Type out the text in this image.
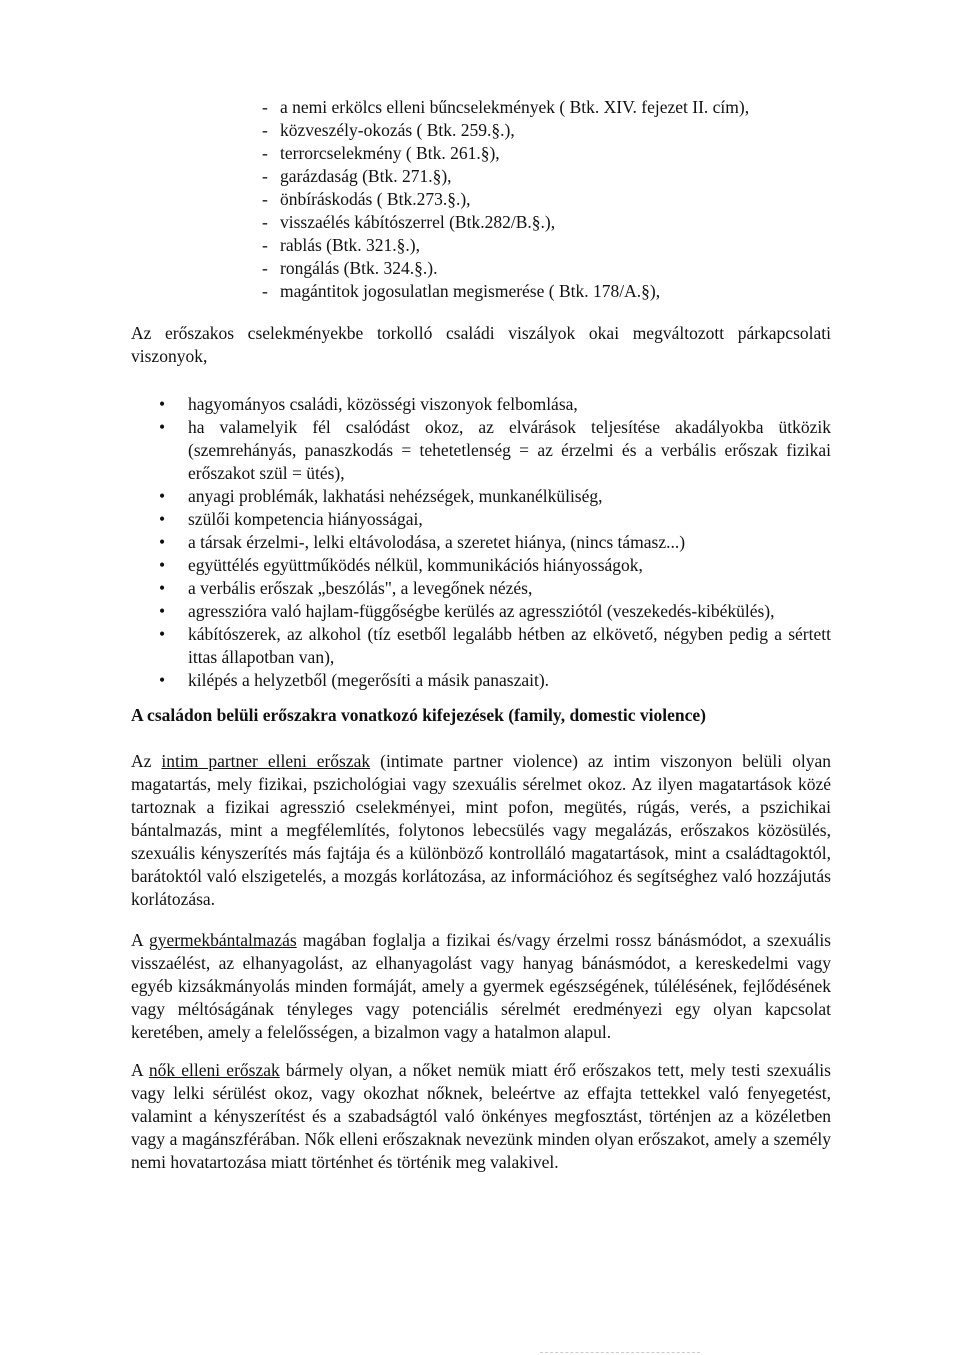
- a nemi erkölcs elleni bűncselekmények ( Btk. XIV. fejezet II. cím),
- közveszély-okozás ( Btk. 259.§.),
- terrorcselekmény ( Btk. 261.§),
- garázdaság (Btk. 271.§),
- önbíráskodás ( Btk.273.§.),
- visszaélés kábítószerrel (Btk.282/B.§.),
- rablás (Btk. 321.§.),
- rongálás (Btk. 324.§.).
- magántitok jogosulatlan megismerése ( Btk. 178/A.§),

Az erőszakos cselekményekbe torkolló családi viszályok okai megváltozott párkapcsolati viszonyok,

• hagyományos családi, közösségi viszonyok felbomlása,
• ha valamelyik fél csalódást okoz, az elvárások teljesítése akadályokba ütközik (szemrehányás, panaszkodás = tehetetlenség = az érzelmi és a verbális erőszak fizikai erőszakot szül = ütés),
• anyagi problémák, lakhatási nehézségek, munkanélküliség,
• szülői kompetencia hiányosságai,
• a társak érzelmi-, lelki eltávolodása, a szeretet hiánya, (nincs támasz...)
• együttélés együttműködés nélkül, kommunikációs hiányosságok,
• a verbális erőszak „beszólás", a levegőnek nézés,
• agresszióra való hajlam-függőségbe kerülés az agressziótól (veszekedés-kibékülés),
• kábítószerek, az alkohol (tíz esetből legalább hétben az elkövető, négyben pedig a sértett ittas állapotban van),
• kilépés a helyzetből (megerősíti a másik panaszait).
A családon belüli erőszakra vonatkozó kifejezések (family, domestic violence)

Az intim partner elleni erőszak (intimate partner violence) az intim viszonyon belüli olyan magatartás, mely fizikai, pszichológiai vagy szexuális sérelmet okoz. Az ilyen magatartások közé tartoznak a fizikai agresszió cselekményei, mint pofon, megütés, rúgás, verés, a pszichikai bántalmazás, mint a megfélemlítés, folytonos lebecsülés vagy megalázás, erőszakos közösülés, szexuális kényszerítés más fajtája és a különböző kontrolláló magatartások, mint a családtagoktól, barátoktól való elszigetelés, a mozgás korlátozása, az információhoz és segítséghez való hozzájutás korlátozása.

A gyermekbántalmazás magában foglalja a fizikai és/vagy érzelmi rossz bánásmódot, a szexuális visszaélést, az elhanyagolást, az elhanyagolást vagy hanyag bánásmódot, a kereskedelmi vagy egyéb kizsákmányolás minden formáját, amely a gyermek egészségének, túlélésének, fejlődésének vagy méltóságának tényleges vagy potenciális sérelmét eredményezi egy olyan kapcsolat keretében, amely a felelősségen, a bizalmon vagy a hatalmon alapul.

A nők elleni erőszak bármely olyan, a nőket nemük miatt érő erőszakos tett, mely testi szexuális vagy lelki sérülést okoz, vagy okozhat nőknek, beleértve az effajta tettekkel való fenyegetést, valamint a kényszerítést és a szabadságtól való önkényes megfosztást, történjen az a közéletben vagy a magánszférában. Nők elleni erőszaknak nevezünk minden olyan erőszakot, amely a személy nemi hovatartozása miatt történhet és történik meg valakivel.
